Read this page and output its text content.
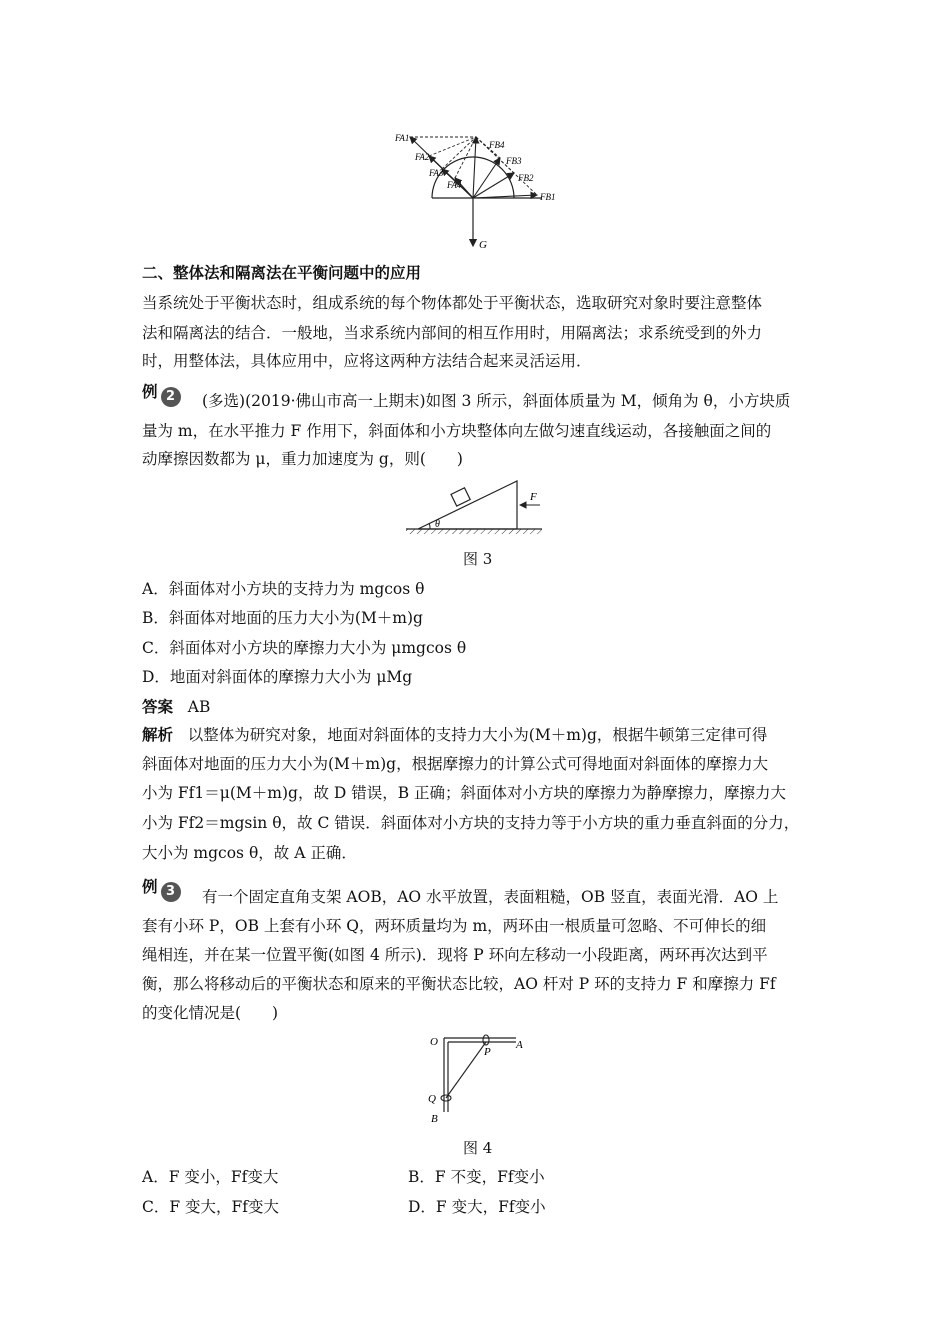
FA1
FA2
FA3
FA4
FB4
FB3
FB2
FB1
G
二、整体法和隔离法在平衡问题中的应用
当系统处于平衡状态时，组成系统的每个物体都处于平衡状态，选取研究对象时要注意整体
法和隔离法的结合．一般地，当求系统内部间的相互作用时，用隔离法；求系统受到的外力
时，用整体法，具体应用中，应将这两种方法结合起来灵活运用．
例 2	(多选)(2019·佛山市高一上期末)如图 3 所示，斜面体质量为 M，倾角为 θ，小方块质
量为 m，在水平推力 F 作用下，斜面体和小方块整体向左做匀速直线运动，各接触面之间的
动摩擦因数都为 μ，重力加速度为 g，则(　　)
θ
F
图 3
A．斜面体对小方块的支持力为 mgcos θ
B．斜面体对地面的压力大小为(M＋m)g
C．斜面体对小方块的摩擦力大小为 μmgcos θ
D．地面对斜面体的摩擦力大小为 μMg
答案 AB
解析 以整体为研究对象，地面对斜面体的支持力大小为(M＋m)g，根据牛顿第三定律可得
斜面体对地面的压力大小为(M＋m)g，根据摩擦力的计算公式可得地面对斜面体的摩擦力大
小为 Ff1＝μ(M＋m)g，故 D 错误，B 正确；斜面体对小方块的摩擦力为静摩擦力，摩擦力大
小为 Ff2＝mgsin θ，故 C 错误．斜面体对小方块的支持力等于小方块的重力垂直斜面的分力，
大小为 mgcos θ，故 A 正确．
例 3	有一个固定直角支架 AOB，AO 水平放置，表面粗糙，OB 竖直，表面光滑．AO 上
套有小环 P，OB 上套有小环 Q，两环质量均为 m，两环由一根质量可忽略、不可伸长的细
绳相连，并在某一位置平衡(如图 4 所示)．现将 P 环向左移动一小段距离，两环再次达到平
衡，那么将移动后的平衡状态和原来的平衡状态比较，AO 杆对 P 环的支持力 F 和摩擦力 Ff
的变化情况是(　　)
O
P
A
Q
B
图 4
A．F 变小，Ff变大	B．F 不变，Ff变小
C．F 变大，Ff变大	D．F 变大，Ff变小
